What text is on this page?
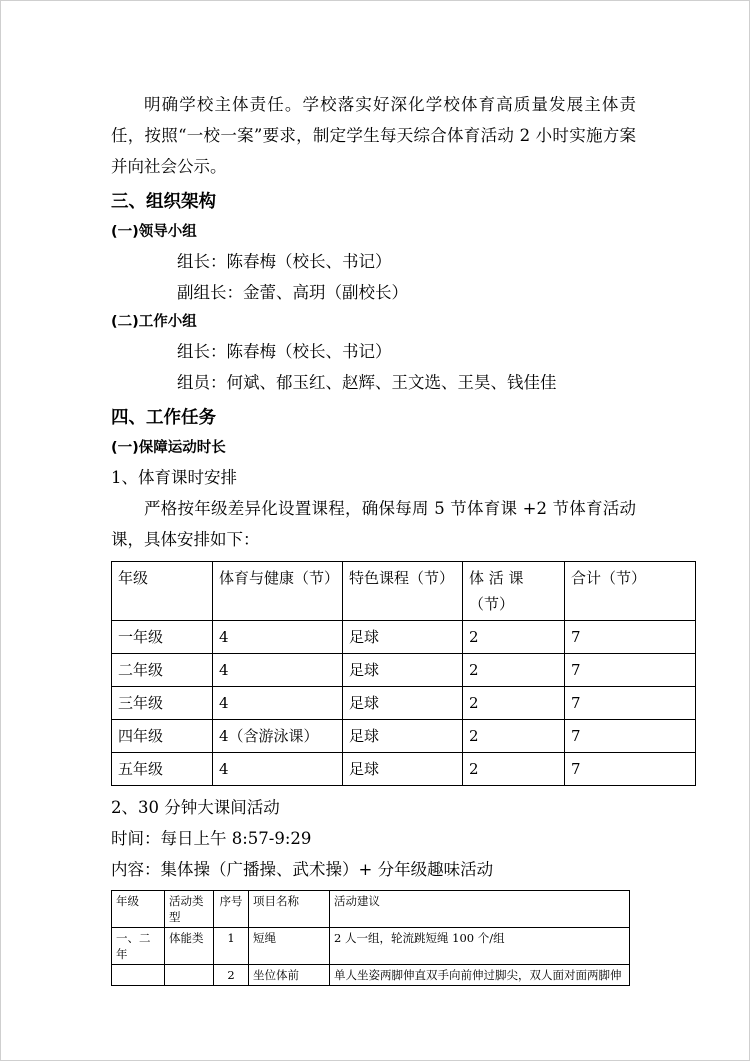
明确学校主体责任。学校落实好深化学校体育高质量发展主体责任，按照“一校一案”要求，制定学生每天综合体育活动 2 小时实施方案并向社会公示。

三、组织架构

(一)领导小组

组长：陈春梅（校长、书记）

副组长：金蕾、高玥（副校长）

(二)工作小组

组长：陈春梅（校长、书记）

组员：何斌、郁玉红、赵辉、王文选、王昊、钱佳佳

四、工作任务

(一)保障运动时长

1、体育课时安排

严格按年级差异化设置课程，确保每周 5 节体育课 +2 节体育活动课，具体安排如下：

年级	体育与健康（节）	特色课程（节）	体 活 课（节）	合计（节）
一年级	4	足球	2	7
二年级	4	足球	2	7
三年级	4	足球	2	7
四年级	4（含游泳课）	足球	2	7
五年级	4	足球	2	7

2、30 分钟大课间活动

时间：每日上午 8:57-9:29

内容：集体操（广播操、武术操）+ 分年级趣味活动

年级	活动类型	序号	项目名称	活动建议
一、二年	体能类	1	短绳	2 人一组，轮流跳短绳 100 个/组
		2	坐位体前	单人坐姿两脚伸直双手向前伸过脚尖，双人面对面两脚伸
